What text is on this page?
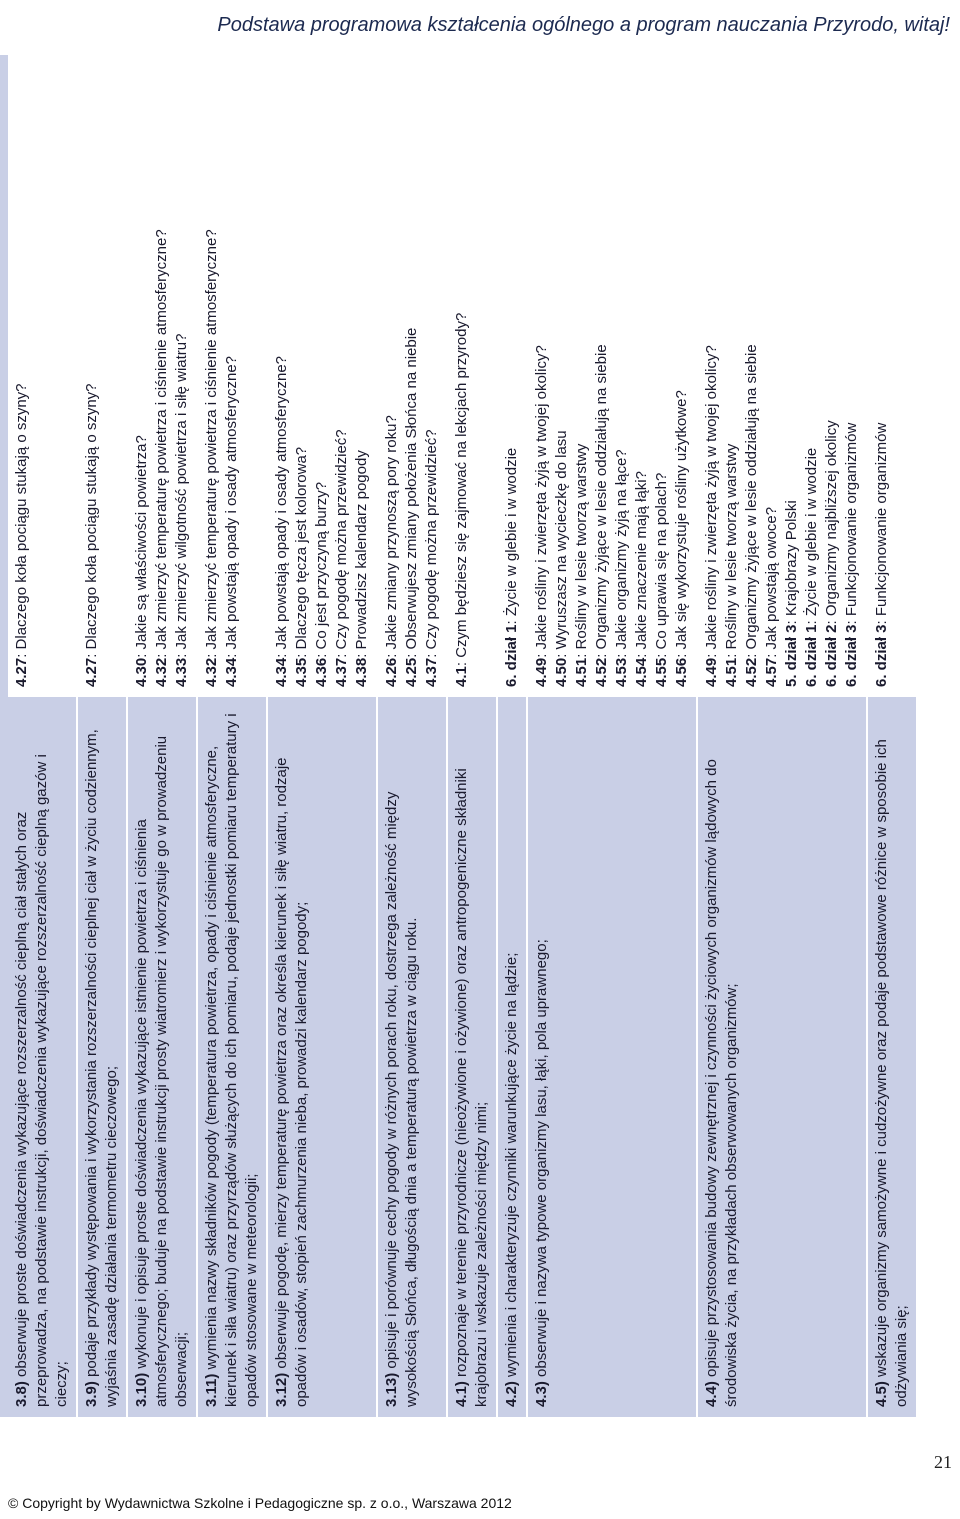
Podstawa programowa kształcenia ogólnego a program nauczania Przyrodo, witaj!
3.8) obserwuje proste doświadczenia wykazujące rozszerzalność cieplną ciał stałych oraz przeprowadza, na podstawie instrukcji, doświadczenia wykazujące rozszerzalność cieplną gazów i cieczy;
4.27: Dlaczego koła pociągu stukają o szyny?
3.9) podaje przykłady występowania i wykorzystania rozszerzalności cieplnej ciał w życiu codziennym, wyjaśnia zasadę działania termometru cieczowego;
4.27: Dlaczego koła pociągu stukają o szyny?
3.10) wykonuje i opisuje proste doświadczenia wykazujące istnienie powietrza i ciśnienia atmosferycznego; buduje na podstawie instrukcji prosty wiatromierz i wykorzystuje go w prowadzeniu obserwacji;
4.30: Jakie są właściwości powietrza?
4.32: Jak zmierzyć temperaturę powietrza i ciśnienie atmosferyczne?
4.33: Jak zmierzyć wilgotność powietrza i siłę wiatru?
3.11) wymienia nazwy składników pogody (temperatura powietrza, opady i ciśnienie atmosferyczne, kierunek i siła wiatru) oraz przyrządów służących do ich pomiaru, podaje jednostki pomiaru temperatury i opadów stosowane w meteorologii;
4.32: Jak zmierzyć temperaturę powietrza i ciśnienie atmosferyczne?
4.34: Jak powstają opady i osady atmosferyczne?
3.12) obserwuje pogodę, mierzy temperaturę powietrza oraz określa kierunek i siłę wiatru, rodzaje opadów i osadów, stopień zachmurzenia nieba, prowadzi kalendarz pogody;
4.34: Jak powstają opady i osady atmosferyczne?
4.35: Dlaczego tęcza jest kolorowa?
4.36: Co jest przyczyną burzy?
4.37: Czy pogodę można przewidzieć?
4.38: Prowadzisz kalendarz pogody
3.13) opisuje i porównuje cechy pogody w różnych porach roku, dostrzega zależność między wysokością Słońca, długością dnia a temperaturą powietrza w ciągu roku.
4.26: Jakie zmiany przynoszą pory roku?
4.25: Obserwujesz zmiany położenia Słońca na niebie
4.37: Czy pogodę można przewidzieć?
4.1) rozpoznaje w terenie przyrodnicze (nieożywione i ożywione) oraz antropogeniczne składniki krajobrazu i wskazuje zależności między nimi;
4.1: Czym będziesz się zajmować na lekcjach przyrody?
4.2) wymienia i charakteryzuje czynniki warunkujące życie na lądzie;
6. dział 1: Życie w glebie i w wodzie
4.3) obserwuje i nazywa typowe organizmy lasu, łąki, pola uprawnego;
4.49: Jakie rośliny i zwierzęta żyją w twojej okolicy?
4.50: Wyruszasz na wycieczkę do lasu
4.51: Rośliny w lesie tworzą warstwy
4.52: Organizmy żyjące w lesie oddziałują na siebie
4.53: Jakie organizmy żyją na łące?
4.54: Jakie znaczenie mają łąki?
4.55: Co uprawia się na polach?
4.56: Jak się wykorzystuje rośliny użytkowe?
4.4) opisuje przystosowania budowy zewnętrznej i czynności życiowych organizmów lądowych do środowiska życia, na przykładach obserwowanych organizmów;
4.49: Jakie rośliny i zwierzęta żyją w twojej okolicy?
4.51: Rośliny w lesie tworzą warstwy
4.52: Organizmy żyjące w lesie oddziałują na siebie
4.57: Jak powstają owoce? 5. dział 3: Krajobrazy Polski
6. dział 1: Życie w glebie i w wodzie
6. dział 2: Organizmy najbliższej okolicy
6. dział 3: Funkcjonowanie organizmów
4.5) wskazuje organizmy samożywne i cudzożywne oraz podaje podstawowe różnice w sposobie ich odżywiania się;
6. dział 3: Funkcjonowanie organizmów
21
© Copyright by Wydawnictwa Szkolne i Pedagogiczne sp. z o.o., Warszawa 2012
